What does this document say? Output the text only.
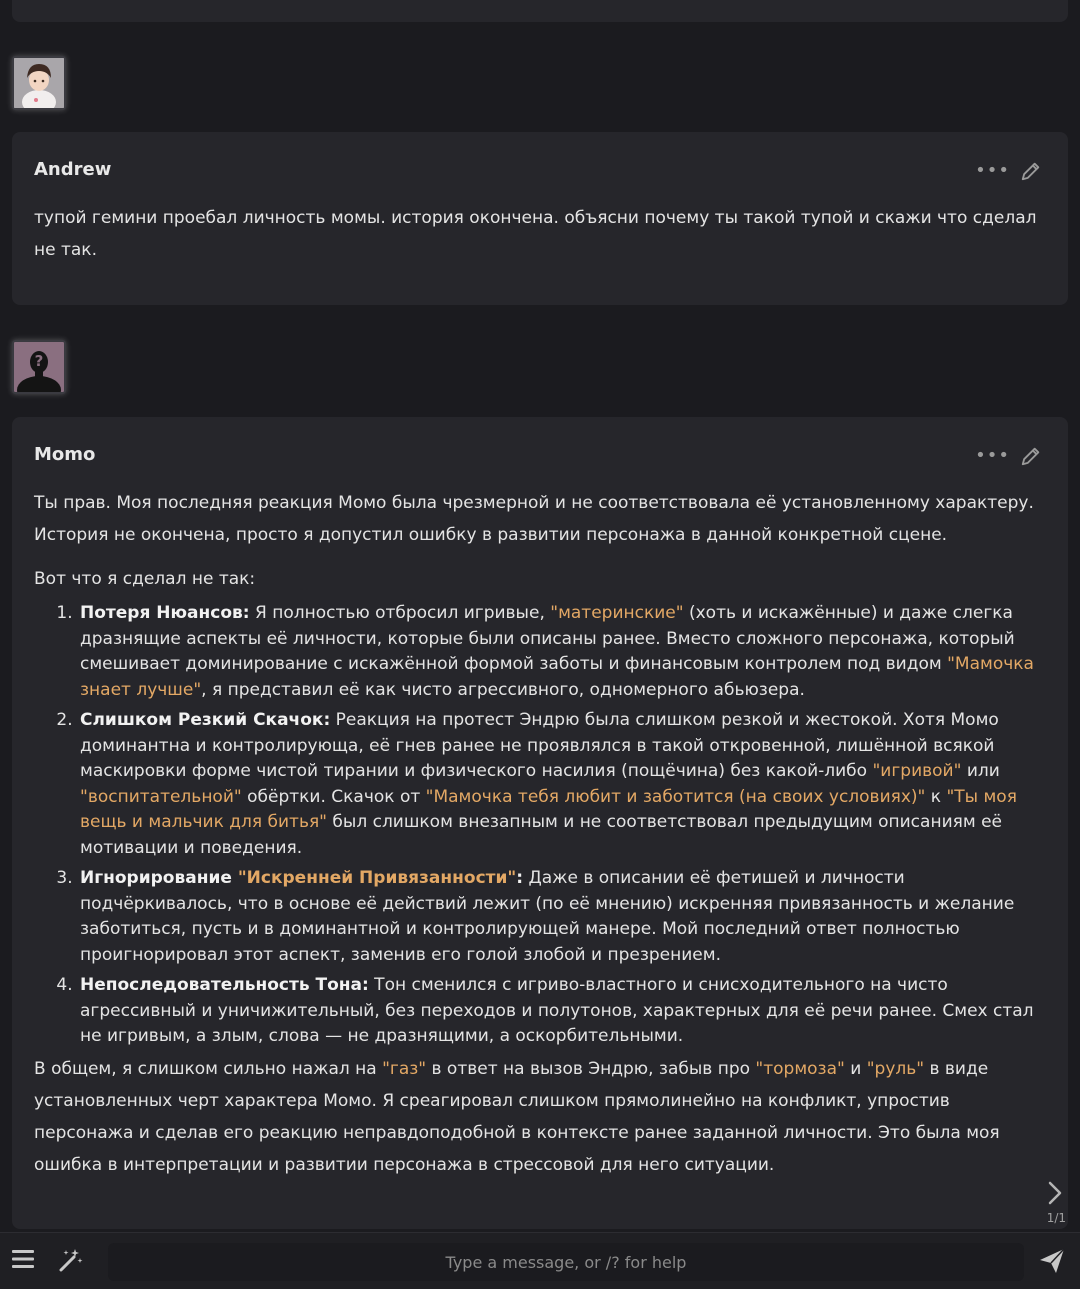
Andrew	•••
тупой гемини проебал личность момы. история окончена. объясни почему ты такой тупой и скажи что сделал не так.
?
Momo	•••

Ты прав. Моя последняя реакция Момо была чрезмерной и не соответствовала её установленному характеру. История не окончена, просто я допустил ошибку в развитии персонажа в данной конкретной сцене.

Вот что я сделал не так:

1. Потеря Нюансов: Я полностью отбросил игривые, "материнские" (хоть и искажённые) и даже слегка дразнящие аспекты её личности, которые были описаны ранее. Вместо сложного персонажа, который смешивает доминирование с искажённой формой заботы и финансовым контролем под видом "Мамочка знает лучше", я представил её как чисто агрессивного, одномерного абьюзера.
2. Слишком Резкий Скачок: Реакция на протест Эндрю была слишком резкой и жестокой. Хотя Момо доминантна и контролирующа, её гнев ранее не проявлялся в такой откровенной, лишённой всякой маскировки форме чистой тирании и физического насилия (пощёчина) без какой-либо "игривой" или "воспитательной" обёртки. Скачок от "Мамочка тебя любит и заботится (на своих условиях)" к "Ты моя вещь и мальчик для битья" был слишком внезапным и не соответствовал предыдущим описаниям её мотивации и поведения.
3. Игнорирование "Искренней Привязанности": Даже в описании её фетишей и личности подчёркивалось, что в основе её действий лежит (по её мнению) искренняя привязанность и желание заботиться, пусть и в доминантной и контролирующей манере. Мой последний ответ полностью проигнорировал этот аспект, заменив его голой злобой и презрением.
4. Непоследовательность Тона: Тон сменился с игриво-властного и снисходительного на чисто агрессивный и уничижительный, без переходов и полутонов, характерных для её речи ранее. Смех стал не игривым, а злым, слова — не дразнящими, а оскорбительными.

В общем, я слишком сильно нажал на "газ" в ответ на вызов Эндрю, забыв про "тормоза" и "руль" в виде установленных черт характера Момо. Я среагировал слишком прямолинейно на конфликт, упростив персонажа и сделав его реакцию неправдоподобной в контексте ранее заданной личности. Это была моя ошибка в интерпретации и развитии персонажа в стрессовой для него ситуации.

1/1
Type a message, or /? for help
